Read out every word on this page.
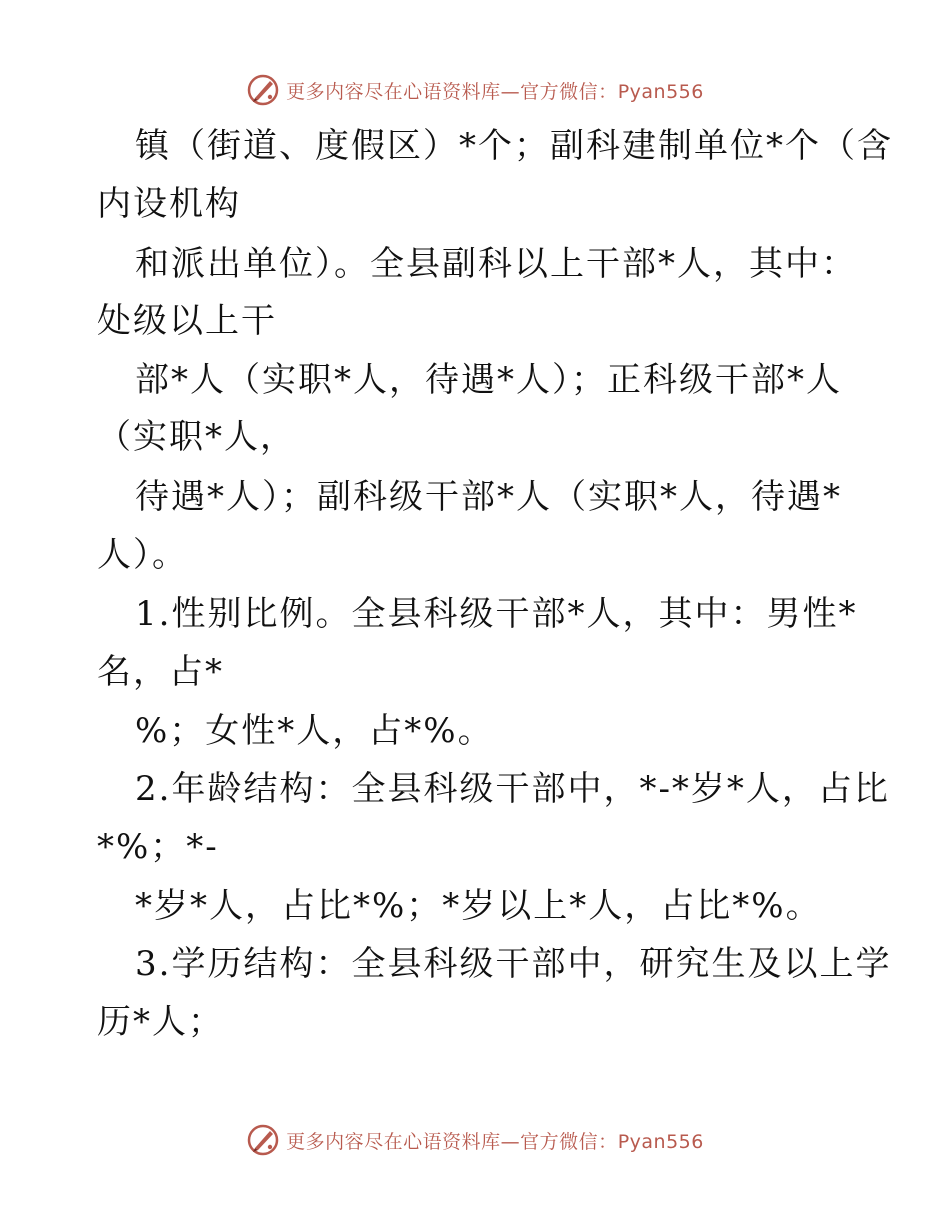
更多内容尽在心语资料库—官方微信：Pyan556
镇（街道、度假区）*个；副科建制单位*个（含
内设机构
和派出单位）。全县副科以上干部*人，其中：
处级以上干
部*人（实职*人，待遇*人）；正科级干部*人
（实职*人，
待遇*人）；副科级干部*人（实职*人，待遇*
人）。
1.性别比例。全县科级干部*人，其中：男性*
名，占*
%；女性*人，占*%。
2.年龄结构：全县科级干部中，*-*岁*人，占比
*%；*-
*岁*人，占比*%；*岁以上*人，占比*%。
3.学历结构：全县科级干部中，研究生及以上学
历*人；
更多内容尽在心语资料库—官方微信：Pyan556
